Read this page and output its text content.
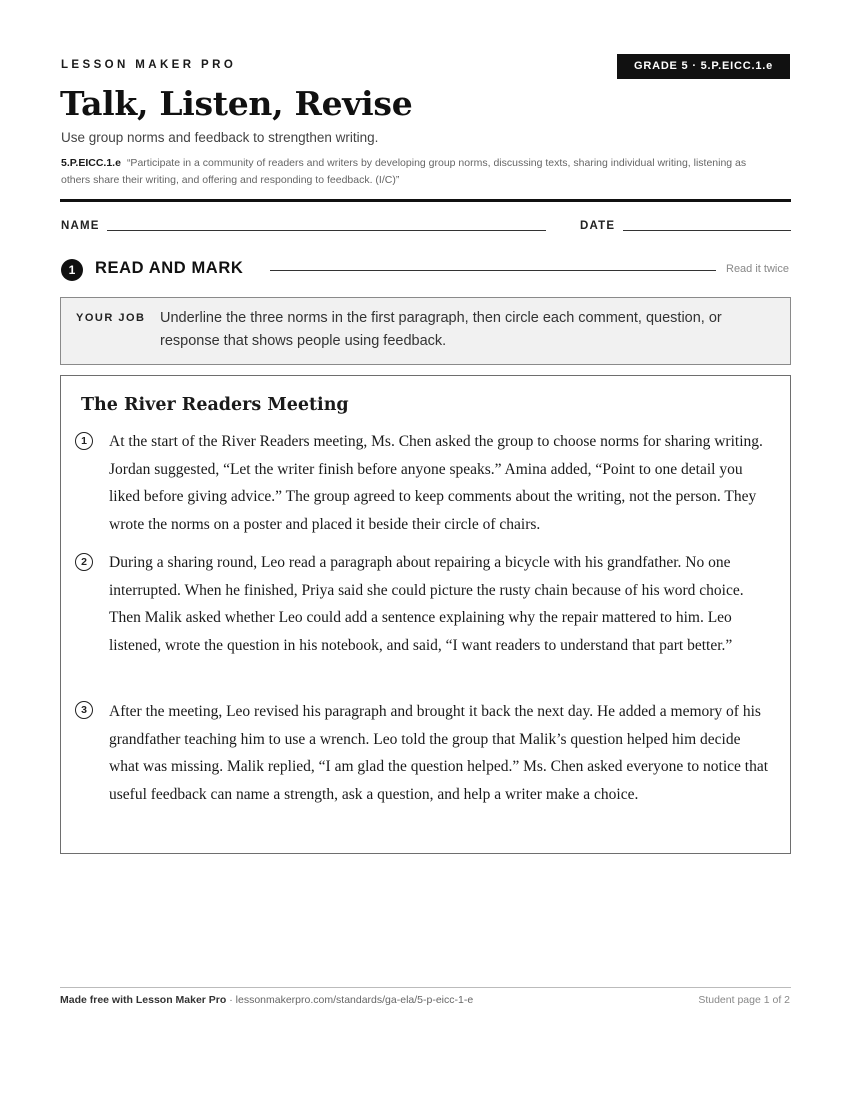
LESSON MAKER PRO	GRADE 5 · 5.P.EICC.1.e
Talk, Listen, Revise
Use group norms and feedback to strengthen writing.
5.P.EICC.1.e “Participate in a community of readers and writers by developing group norms, discussing texts, sharing individual writing, listening as others share their writing, and offering and responding to feedback. (I/C)”
NAME	DATE
1	READ AND MARK	Read it twice
YOUR JOB Underline the three norms in the first paragraph, then circle each comment, question, or response that shows people using feedback.
The River Readers Meeting
1	At the start of the River Readers meeting, Ms. Chen asked the group to choose norms for sharing writing. Jordan suggested, “Let the writer finish before anyone speaks.” Amina added, “Point to one detail you liked before giving advice.” The group agreed to keep comments about the writing, not the person. They wrote the norms on a poster and placed it beside their circle of chairs.
2	During a sharing round, Leo read a paragraph about repairing a bicycle with his grandfather. No one interrupted. When he finished, Priya said she could picture the rusty chain because of his word choice. Then Malik asked whether Leo could add a sentence explaining why the repair mattered to him. Leo listened, wrote the question in his notebook, and said, “I want readers to understand that part better.”
3	After the meeting, Leo revised his paragraph and brought it back the next day. He added a memory of his grandfather teaching him to use a wrench. Leo told the group that Malik’s question helped him decide what was missing. Malik replied, “I am glad the question helped.” Ms. Chen asked everyone to notice that useful feedback can name a strength, ask a question, and help a writer make a choice.
Made free with Lesson Maker Pro · lessonmakerpro.com/standards/ga-ela/5-p-eicc-1-e	Student page 1 of 2
